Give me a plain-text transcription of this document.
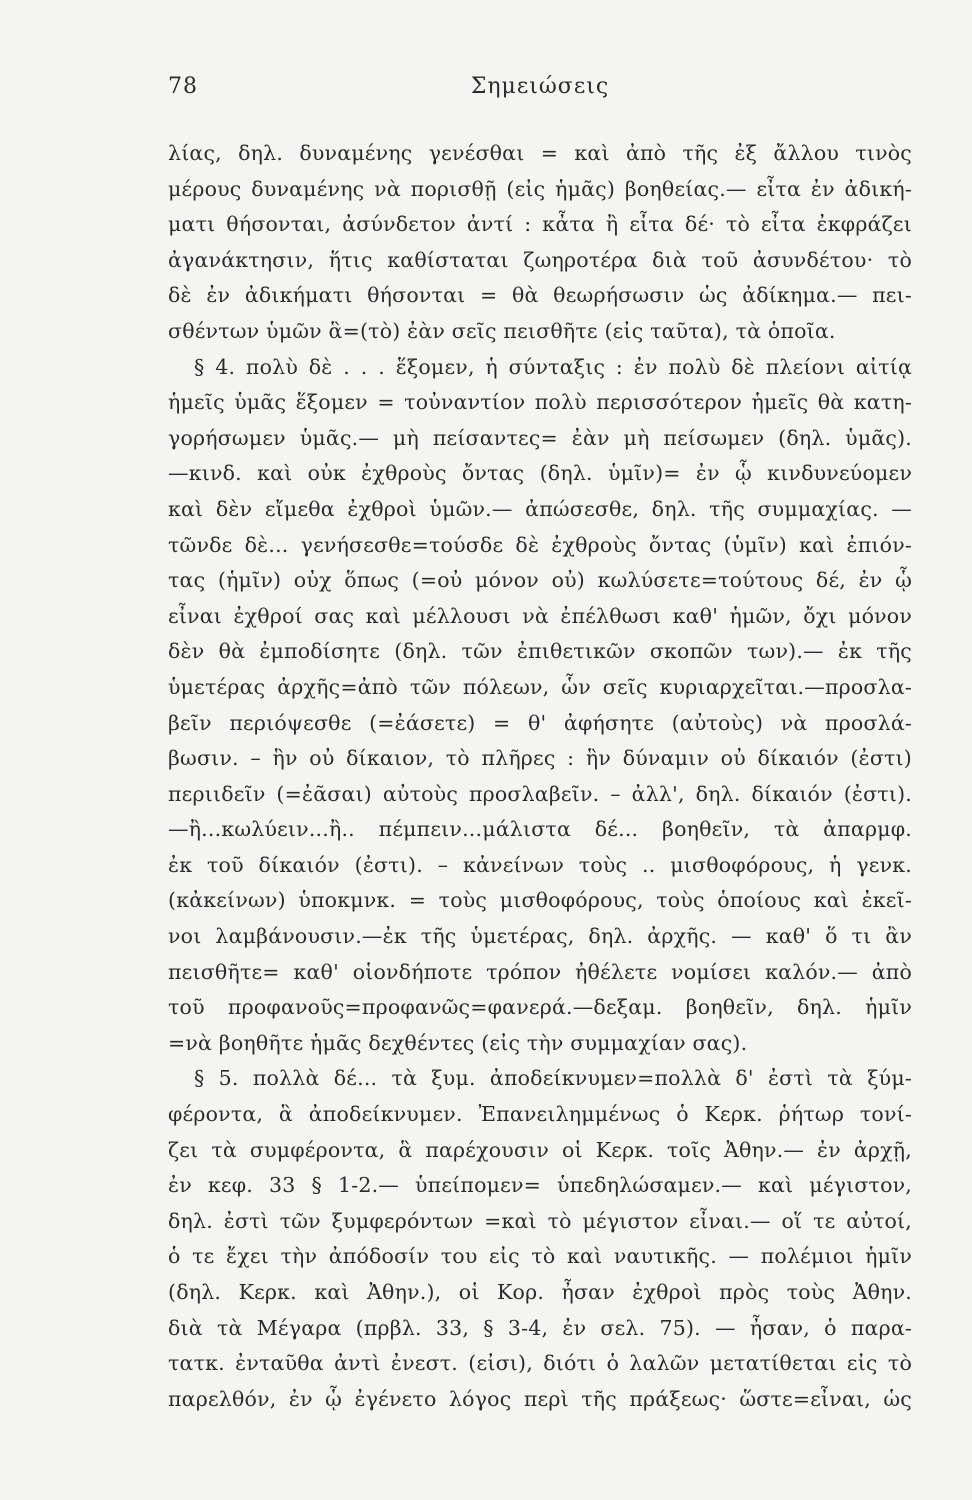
78	Σημειώσεις
λίας, δηλ. δυναμένης γενέσθαι = καὶ ἀπὸ τῆς ἐξ ἄλλου τινὸς
μέρους δυναμένης νὰ πορισθῇ (εἰς ἡμᾶς) βοηθείας.— εἶτα ἐν ἀδική-
ματι θήσονται, ἀσύνδετον ἀντί : κἆτα ἢ εἶτα δέ· τὸ εἶτα ἐκφράζει
ἀγανάκτησιν, ἥτις καθίσταται ζωηροτέρα διὰ τοῦ ἀσυνδέτου· τὸ
δὲ ἐν ἀδικήματι θήσονται = θὰ θεωρήσωσιν ὡς ἀδίκημα.— πει-
σθέντων ὑμῶν ἃ=(τὸ) ἐὰν σεῖς πεισθῆτε (εἰς ταῦτα), τὰ ὁποῖα.
§ 4. πολὺ δὲ . . . ἕξομεν, ἡ σύνταξις : ἐν πολὺ δὲ πλείονι αἰτίᾳ
ἡμεῖς ὑμᾶς ἕξομεν = τοὐναντίον πολὺ περισσότερον ἡμεῖς θὰ κατη-
γορήσωμεν ὑμᾶς.— μὴ πείσαντες= ἐὰν μὴ πείσωμεν (δηλ. ὑμᾶς).
—κινδ. καὶ οὐκ ἐχθροὺς ὄντας (δηλ. ὑμῖν)= ἐν ᾧ κινδυνεύομεν
καὶ δὲν εἴμεθα ἐχθροὶ ὑμῶν.— ἀπώσεσθε, δηλ. τῆς συμμαχίας. —
τῶνδε δὲ... γενήσεσθε=τούσδε δὲ ἐχθροὺς ὄντας (ὑμῖν) καὶ ἐπιόν-
τας (ἡμῖν) οὐχ ὅπως (=οὐ μόνον οὐ) κωλύσετε=τούτους δέ, ἐν ᾧ
εἶναι ἐχθροί σας καὶ μέλλουσι νὰ ἐπέλθωσι καθ' ἡμῶν, ὄχι μόνον
δὲν θὰ ἐμποδίσητε (δηλ. τῶν ἐπιθετικῶν σκοπῶν των).— ἐκ τῆς
ὑμετέρας ἀρχῆς=ἀπὸ τῶν πόλεων, ὧν σεῖς κυριαρχεῖται.—προσλα-
βεῖν περιόψεσθε (=ἐάσετε) = θ' ἀφήσητε (αὐτοὺς) νὰ προσλά-
βωσιν. – ἣν οὐ δίκαιον, τὸ πλῆρες : ἣν δύναμιν οὐ δίκαιόν (ἐστι)
περιιδεῖν (=ἐᾶσαι) αὐτοὺς προσλαβεῖν. – ἀλλ', δηλ. δίκαιόν (ἐστι).
—ἢ...κωλύειν...ἢ.. πέμπειν...μάλιστα δέ... βοηθεῖν, τὰ ἀπαρμφ.
ἐκ τοῦ δίκαιόν (ἐστι). – κἀνείνων τοὺς .. μισθοφόρους, ἡ γενκ.
(κἀκείνων) ὑποκμνκ. = τοὺς μισθοφόρους, τοὺς ὁποίους καὶ ἐκεῖ-
νοι λαμβάνουσιν.—ἐκ τῆς ὑμετέρας, δηλ. ἀρχῆς. — καθ' ὅ τι ἂν
πεισθῆτε= καθ' οἱονδήποτε τρόπον ἠθέλετε νομίσει καλόν.— ἀπὸ
τοῦ προφανοῦς=προφανῶς=φανερά.—δεξαμ. βοηθεῖν, δηλ. ἡμῖν
=νὰ βοηθῆτε ἡμᾶς δεχθέντες (εἰς τὴν συμμαχίαν σας).
§ 5. πολλὰ δέ... τὰ ξυμ. ἀποδείκνυμεν=πολλὰ δ' ἐστὶ τὰ ξύμ-
φέροντα, ἃ ἀποδείκνυμεν. Ἐπανειλημμένως ὁ Κερκ. ῥήτωρ τονί-
ζει τὰ συμφέροντα, ἃ παρέχουσιν οἱ Κερκ. τοῖς Ἀθην.— ἐν ἀρχῇ,
ἐν κεφ. 33 § 1-2.— ὑπείπομεν= ὑπεδηλώσαμεν.— καὶ μέγιστον,
δηλ. ἐστὶ τῶν ξυμφερόντων =καὶ τὸ μέγιστον εἶναι.— οἵ τε αὐτοί,
ὁ τε ἔχει τὴν ἀπόδοσίν του εἰς τὸ καὶ ναυτικῆς. — πολέμιοι ἡμῖν
(δηλ. Κερκ. καὶ Ἀθην.), οἱ Κορ. ἦσαν ἐχθροὶ πρὸς τοὺς Ἀθην.
διὰ τὰ Μέγαρα (πρβλ. 33, § 3-4, ἐν σελ. 75). — ἦσαν, ὁ παρα-
τατκ. ἐνταῦθα ἀντὶ ἐνεστ. (εἰσι), διότι ὁ λαλῶν μετατίθεται εἰς τὸ
παρελθόν, ἐν ᾧ ἐγένετο λόγος περὶ τῆς πράξεως· ὥστε=εἶναι, ὡς
